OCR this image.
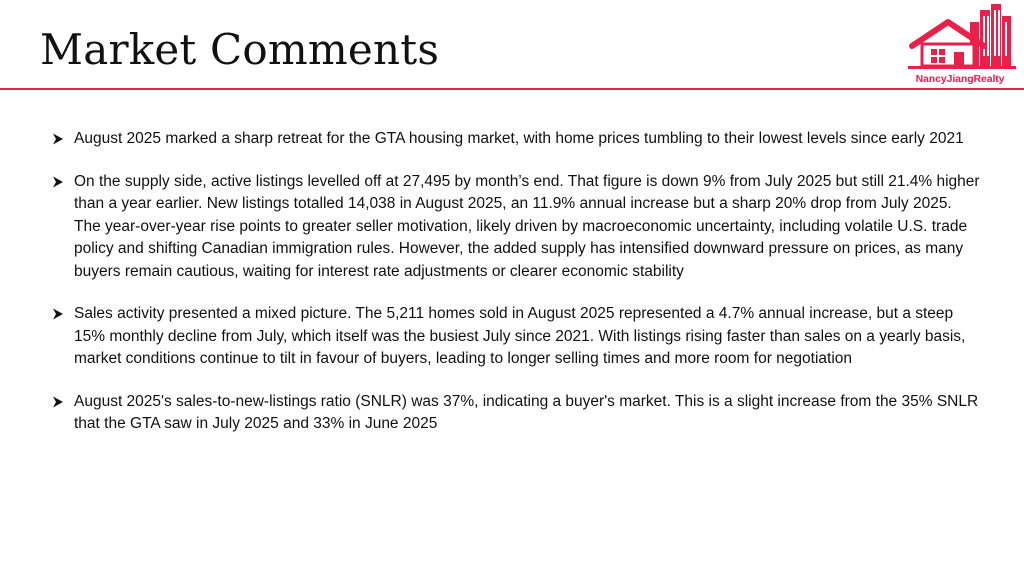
Market Comments
NancyJiangRealty
August 2025 marked a sharp retreat for the GTA housing market, with home prices tumbling to their lowest levels since early 2021
On the supply side, active listings levelled off at 27,495 by month’s end. That figure is down 9% from July 2025 but still 21.4% higher than a year earlier. New listings totalled 14,038 in August 2025, an 11.9% annual increase but a sharp 20% drop from July 2025. The year-over-year rise points to greater seller motivation, likely driven by macroeconomic uncertainty, including volatile U.S. trade policy and shifting Canadian immigration rules. However, the added supply has intensified downward pressure on prices, as many buyers remain cautious, waiting for interest rate adjustments or clearer economic stability
Sales activity presented a mixed picture. The 5,211 homes sold in August 2025 represented a 4.7% annual increase, but a steep 15% monthly decline from July, which itself was the busiest July since 2021. With listings rising faster than sales on a yearly basis, market conditions continue to tilt in favour of buyers, leading to longer selling times and more room for negotiation
August 2025's sales-to-new-listings ratio (SNLR) was 37%, indicating a buyer's market. This is a slight increase from the 35% SNLR that the GTA saw in July 2025 and 33% in June 2025
